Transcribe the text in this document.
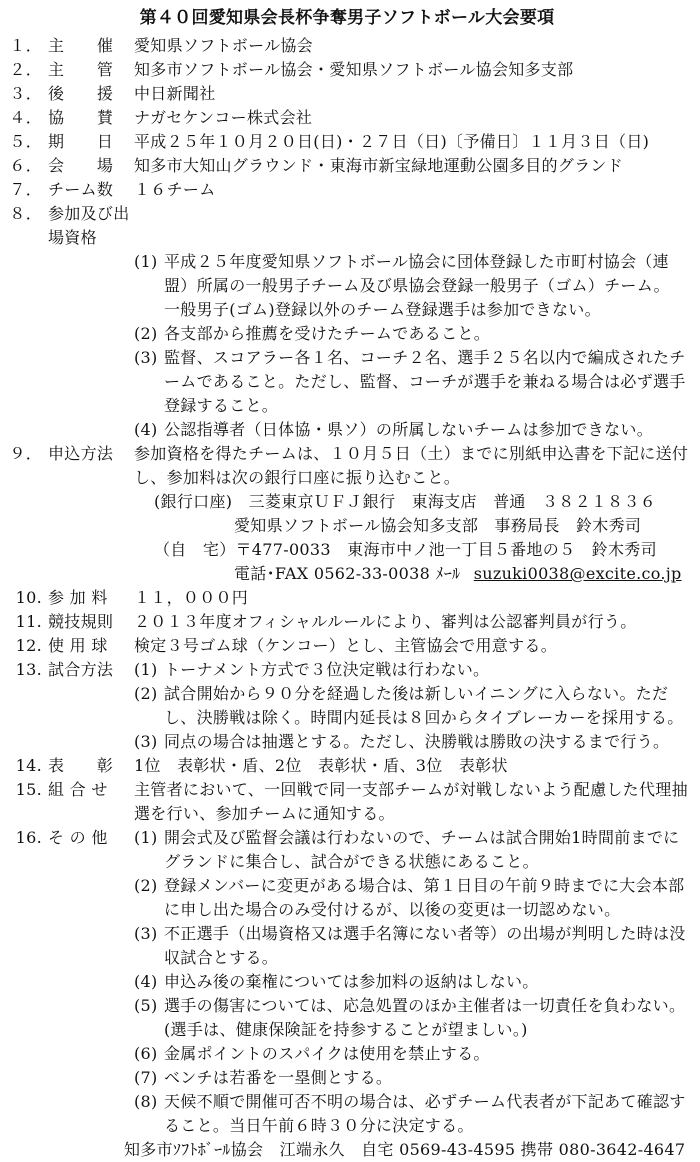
第４０回愛知県会長杯争奪男子ソフトボール大会要項
１． 主　　催	愛知県ソフトボール協会
２． 主　　管	知多市ソフトボール協会・愛知県ソフトボール協会知多支部
３． 後　　援	中日新聞社
４． 協　　賛	ナガセケンコー株式会社
５． 期　　日	平成２５年１０月２０日(日)・２７日（日)〔予備日〕１１月３日（日)
６． 会　　場	知多市大知山グラウンド・東海市新宝緑地運動公園多目的グランド
７． チーム数	１６チーム
８． 参加及び出場資格
(1) 平成２５年度愛知県ソフトボール協会に団体登録した市町村協会（連盟）所属の一般男子チーム及び県協会登録一般男子（ゴム）チーム。
一般男子(ゴム)登録以外のチーム登録選手は参加できない。
(2) 各支部から推薦を受けたチームであること。
(3) 監督、スコアラー各１名、コーチ２名、選手２５名以内で編成されたチームであること。ただし、監督、コーチが選手を兼ねる場合は必ず選手登録すること。
(4) 公認指導者（日体協・県ソ）の所属しないチームは参加できない。
９． 申込方法	参加資格を得たチームは、１０月５日（土）までに別紙申込書を下記に送付し、参加料は次の銀行口座に振り込むこと。
(銀行口座)　三菱東京ＵＦＪ銀行　東海支店　普通　３８２１８３６
愛知県ソフトボール協会知多支部　事務局長　鈴木秀司
（自　宅）〒477-0033　東海市中ノ池一丁目５番地の５　鈴木秀司
電話･FAX 0562-33-0038 ﾒｰﾙ suzuki0038@excite.co.jp
10. 参 加 料	１１，０００円
11. 競技規則	２０１３年度オフィシャルルールにより、審判は公認審判員が行う。
12. 使 用 球	検定３号ゴム球（ケンコー）とし、主管協会で用意する。
13. 試合方法	(1) トーナメント方式で３位決定戦は行わない。
(2) 試合開始から９０分を経過した後は新しいイニングに入らない。ただし、決勝戦は除く。時間内延長は８回からタイブレーカーを採用する。
(3) 同点の場合は抽選とする。ただし、決勝戦は勝敗の決するまで行う。
14. 表　　彰	1位　表彰状・盾、2位　表彰状・盾、3位　表彰状
15. 組 合 せ	主管者において、一回戦で同一支部チームが対戦しないよう配慮した代理抽選を行い、参加チームに通知する。
16. そ の 他	(1) 開会式及び監督会議は行わないので、チームは試合開始1時間前までにグランドに集合し、試合ができる状態にあること。
(2) 登録メンバーに変更がある場合は、第１日目の午前９時までに大会本部に申し出た場合のみ受付けるが、以後の変更は一切認めない。
(3) 不正選手（出場資格又は選手名簿にない者等）の出場が判明した時は没収試合とする。
(4) 申込み後の棄権については参加料の返納はしない。
(5) 選手の傷害については、応急処置のほか主催者は一切責任を負わない。
(選手は、健康保険証を持参することが望ましい。)
(6) 金属ポイントのスパイクは使用を禁止する。
(7) ベンチは若番を一塁側とする。
(8) 天候不順で開催可否不明の場合は、必ずチーム代表者が下記あて確認すること。当日午前６時３０分に決定する。
知多市ｿﾌﾄﾎﾞｰﾙ協会　江端永久　自宅 0569-43-4595 携帯 080-3642-4647
